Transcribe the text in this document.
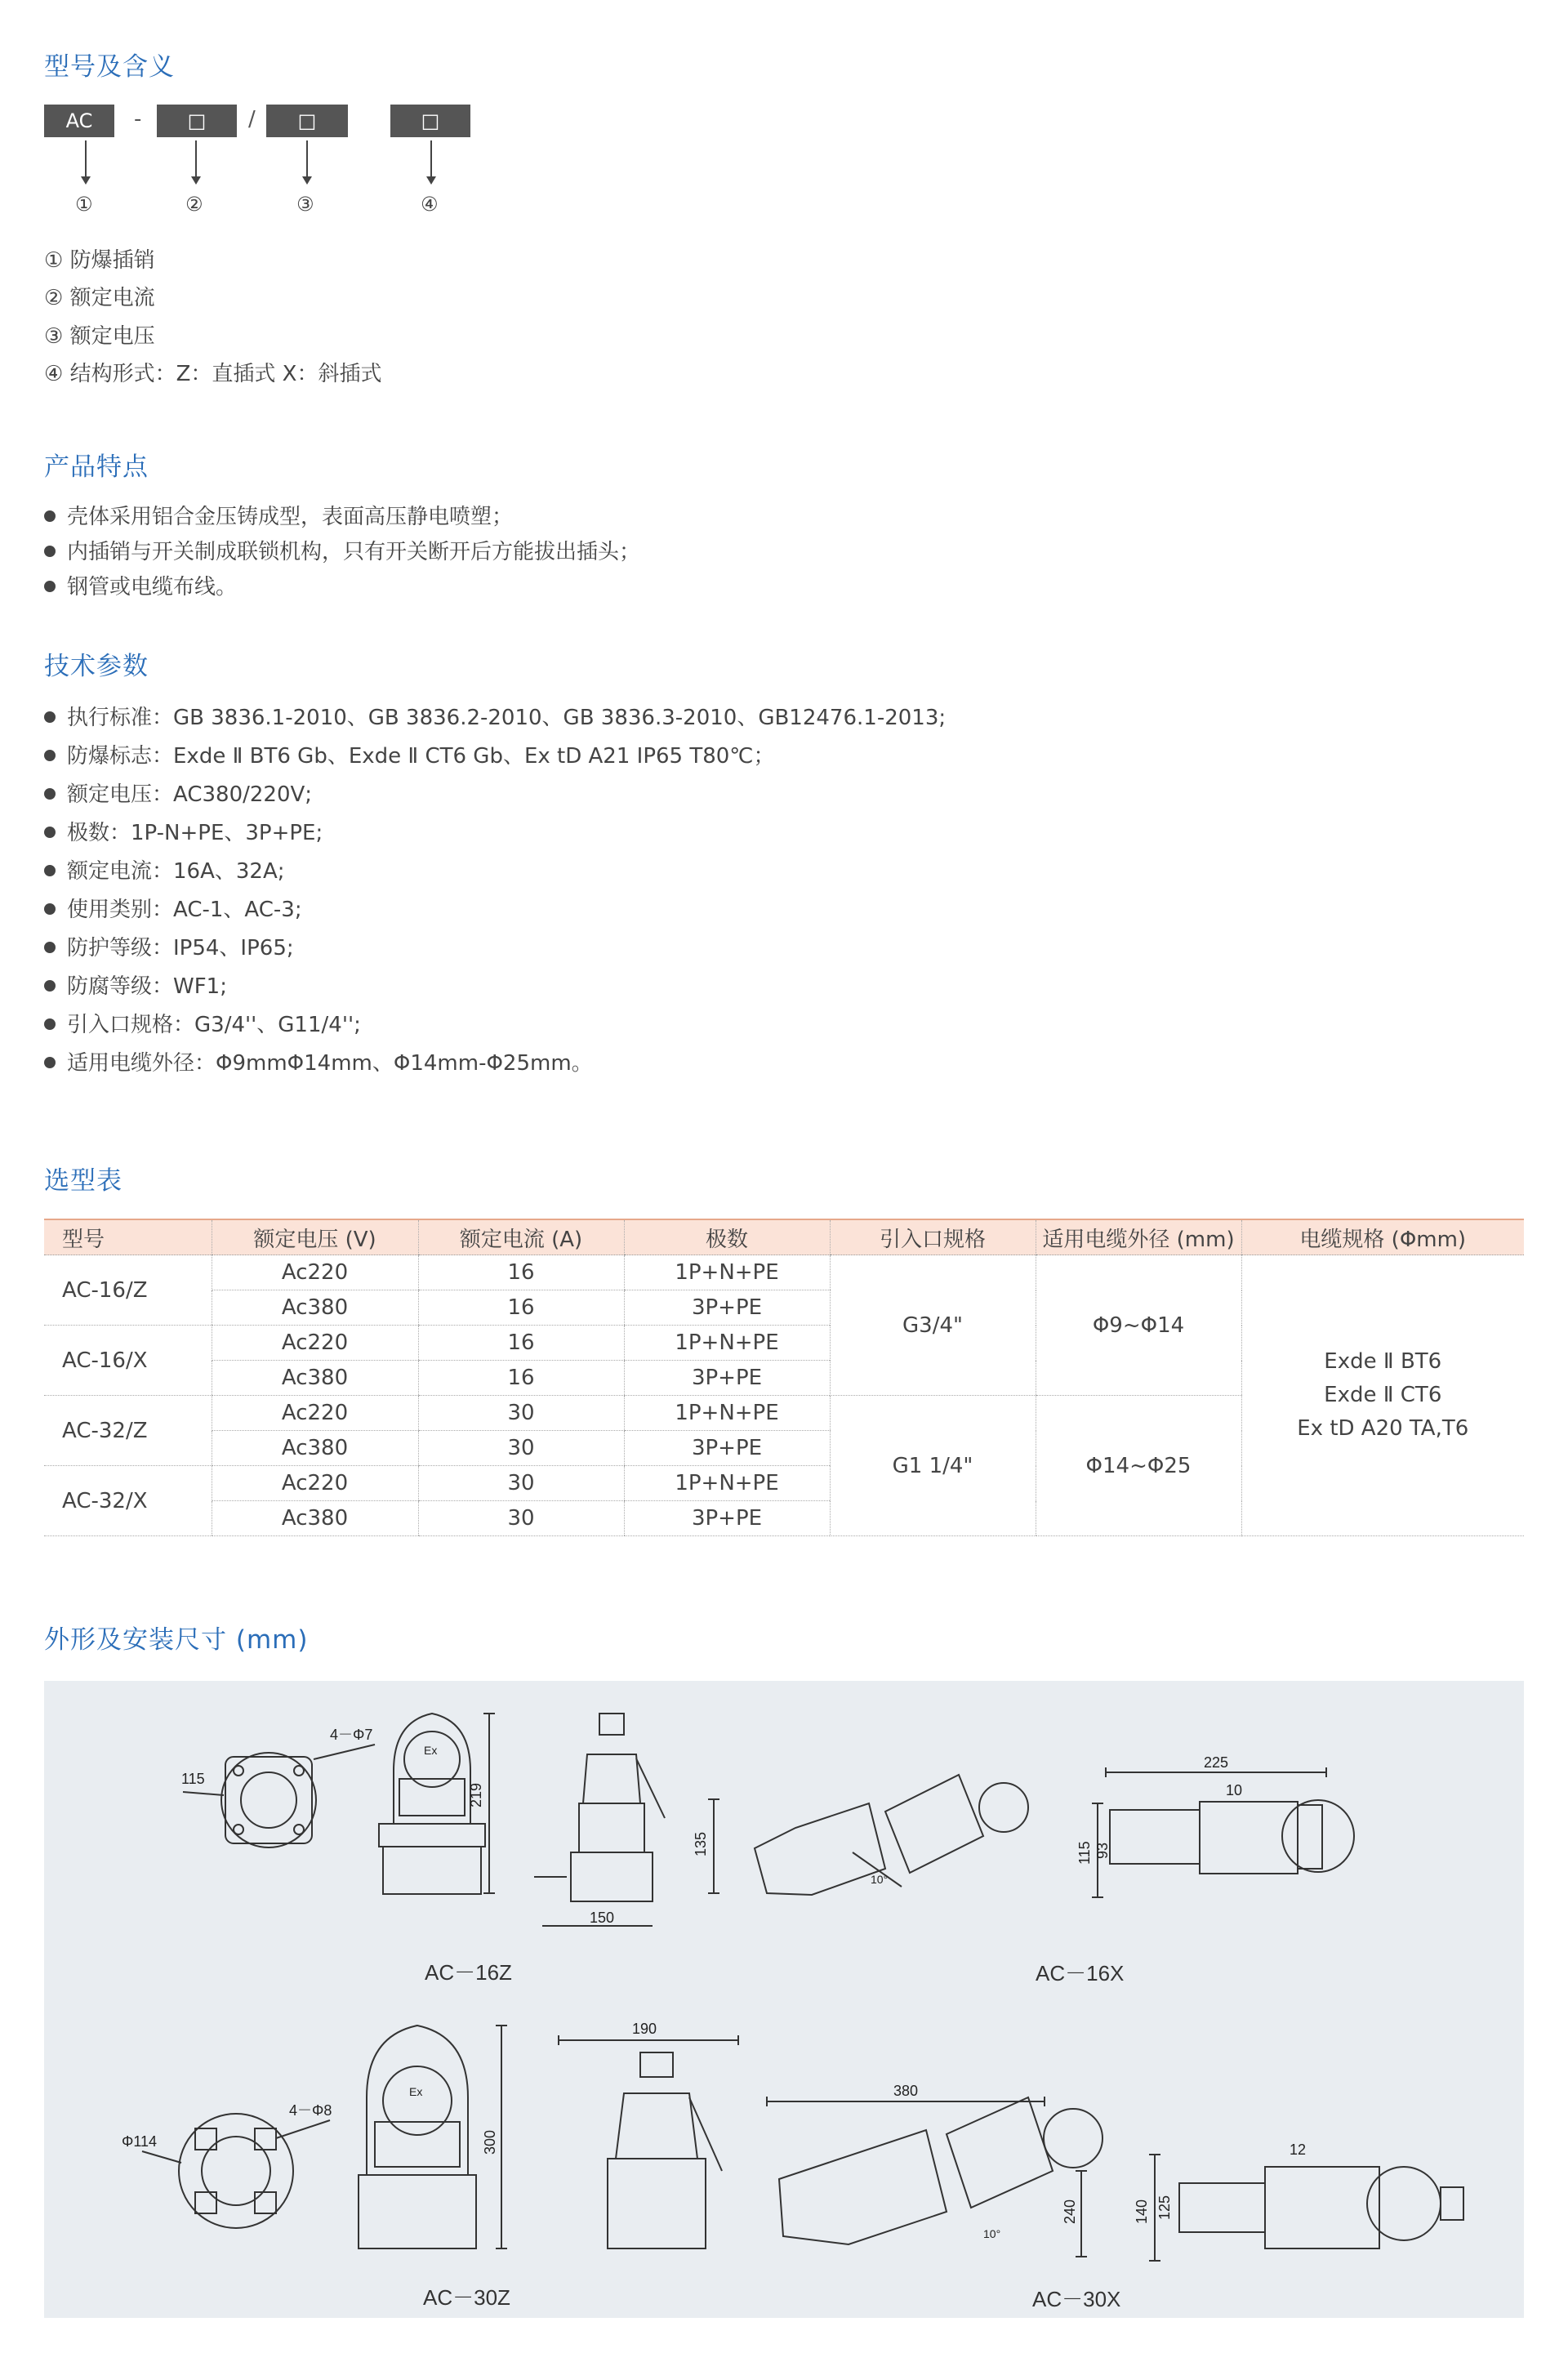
型号及含义
AC	-	□	/	□	□
①	②	③	④
① 防爆插销
② 额定电流
③ 额定电压
④ 结构形式：Z：直插式 X：斜插式
产品特点
壳体采用铝合金压铸成型，表面高压静电喷塑；
内插销与开关制成联锁机构，只有开关断开后方能拔出插头；
钢管或电缆布线。
技术参数
执行标准：GB 3836.1-2010、GB 3836.2-2010、GB 3836.3-2010、GB12476.1-2013;
防爆标志：Exde Ⅱ BT6 Gb、Exde Ⅱ CT6 Gb、Ex tD A21 IP65 T80℃；
额定电压：AC380/220V;
极数：1P-N+PE、3P+PE;
额定电流：16A、32A;
使用类别：AC-1、AC-3;
防护等级：IP54、IP65;
防腐等级：WF1;
引入口规格：G3/4''、G11/4'';
适用电缆外径：Φ9mmΦ14mm、Φ14mm-Φ25mm。
选型表
型号	额定电压 (V)	额定电流 (A)	极数	引入口规格	适用电缆外径 (mm)	电缆规格 (Φmm)
AC-16/Z	Ac220	16	1P+N+PE	G3/4"	Φ9~Φ14	Exde Ⅱ BT6
Exde Ⅱ CT6
Ex tD A20 TA,T6

	Ac380	16	3P+PE			
AC-16/X	Ac220	16	1P+N+PE			
	Ac380	16	3P+PE			
AC-32/Z	Ac220	30	1P+N+PE	G1 1/4"	Φ14~Φ25	
	Ac380	30	3P+PE			
AC-32/X	Ac220	30	1P+N+PE			
	Ac380	30	3P+PE			
外形及安装尺寸 (mm)
115
4－Φ7
219
150
135
225
10
115 93
Φ114
4－Φ8
300
190
380
240
12
140 125
10°
10°
Ex
Ex
AC－16Z	AC－16X
AC－30Z	AC－30X
